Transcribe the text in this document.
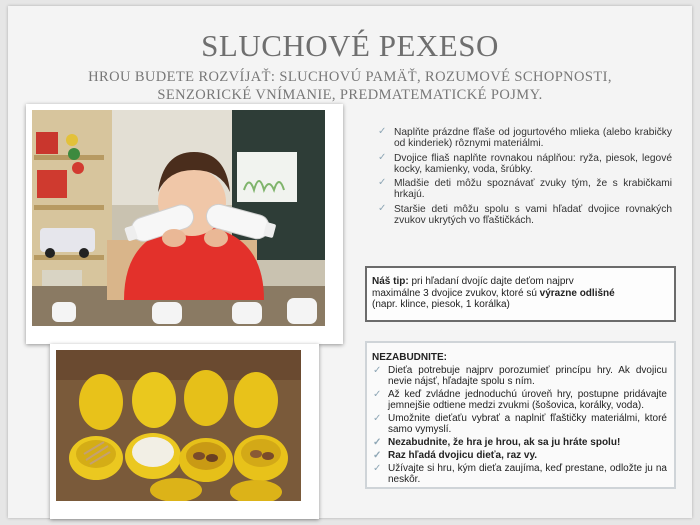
SLUCHOVÉ PEXESO
HROU BUDETE ROZVÍJAŤ: SLUCHOVÚ PAMÄŤ, ROZUMOVÉ SCHOPNOSTI,
SENZORICKÉ VNÍMANIE, PREDMATEMATICKÉ POJMY.
✓ Naplňte prázdne fľaše od jogurtového mlieka (alebo krabičky od kinderiek) rôznymi materiálmi.
✓ Dvojice fliaš naplňte rovnakou náplňou: ryža, piesok, legové kocky, kamienky, voda, šrúbky.
✓ Mladšie deti môžu spoznávať zvuky tým, že s krabičkami hrkajú.
✓ Staršie deti môžu spolu s vami hľadať dvojice rovnakých zvukov ukrytých vo fľaštičkách.
Náš tip: pri hľadaní dvojíc dajte deťom najprv
maximálne 3 dvojice zvukov, ktoré sú výrazne odlišné
(napr. klince, piesok, 1 korálka)
NEZABUDNITE:
✓ Dieťa potrebuje najprv porozumieť princípu hry. Ak dvojicu nevie nájsť, hľadajte spolu s ním.
✓ Až keď zvládne jednoduchú úroveň hry, postupne pridávajte jemnejšie odtiene medzi zvukmi (šošovica, korálky, voda).
✓ Umožnite dieťaťu vybrať a naplniť fľaštičky materiálmi, ktoré samo vymyslí.
✓ Nezabudnite, že hra je hrou, ak sa ju hráte spolu!
✓ Raz hľadá dvojicu dieťa, raz vy.
✓ Užívajte si hru, kým dieťa zaujíma, keď prestane, odložte ju na neskôr.
